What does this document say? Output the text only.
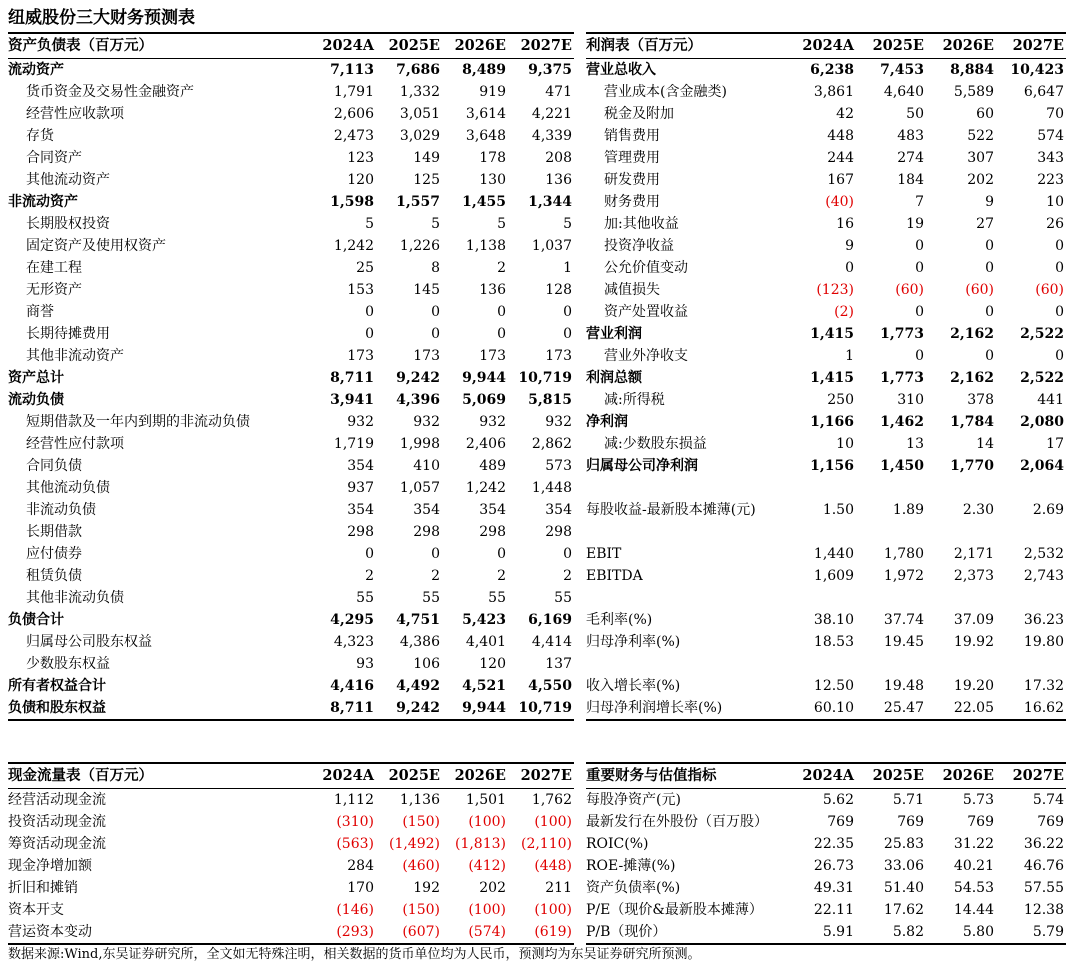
纽威股份三大财务预测表
资产负债表（百万元）	2024A	2025E	2026E	2027E
流动资产	7,113	7,686	8,489	9,375
货币资金及交易性金融资产	1,791	1,332	919	471
经营性应收款项	2,606	3,051	3,614	4,221
存货	2,473	3,029	3,648	4,339
合同资产	123	149	178	208
其他流动资产	120	125	130	136
非流动资产	1,598	1,557	1,455	1,344
长期股权投资	5	5	5	5
固定资产及使用权资产	1,242	1,226	1,138	1,037
在建工程	25	8	2	1
无形资产	153	145	136	128
商誉	0	0	0	0
长期待摊费用	0	0	0	0
其他非流动资产	173	173	173	173
资产总计	8,711	9,242	9,944	10,719
流动负债	3,941	4,396	5,069	5,815
短期借款及一年内到期的非流动负债	932	932	932	932
经营性应付款项	1,719	1,998	2,406	2,862
合同负债	354	410	489	573
其他流动负债	937	1,057	1,242	1,448
非流动负债	354	354	354	354
长期借款	298	298	298	298
应付债券	0	0	0	0
租赁负债	2	2	2	2
其他非流动负债	55	55	55	55
负债合计	4,295	4,751	5,423	6,169
归属母公司股东权益	4,323	4,386	4,401	4,414
少数股东权益	93	106	120	137
所有者权益合计	4,416	4,492	4,521	4,550
负债和股东权益	8,711	9,242	9,944	10,719
利润表（百万元）	2024A	2025E	2026E	2027E
营业总收入	6,238	7,453	8,884	10,423
营业成本(含金融类)	3,861	4,640	5,589	6,647
税金及附加	42	50	60	70
销售费用	448	483	522	574
管理费用	244	274	307	343
研发费用	167	184	202	223
财务费用	(40)	7	9	10
加:其他收益	16	19	27	26
投资净收益	9	0	0	0
公允价值变动	0	0	0	0
减值损失	(123)	(60)	(60)	(60)
资产处置收益	(2)	0	0	0
营业利润	1,415	1,773	2,162	2,522
营业外净收支	1	0	0	0
利润总额	1,415	1,773	2,162	2,522
减:所得税	250	310	378	441
净利润	1,166	1,462	1,784	2,080
减:少数股东损益	10	13	14	17
归属母公司净利润	1,156	1,450	1,770	2,064

每股收益-最新股本摊薄(元)	1.50	1.89	2.30	2.69

EBIT	1,440	1,780	2,171	2,532
EBITDA	1,609	1,972	2,373	2,743

毛利率(%)	38.10	37.74	37.09	36.23
归母净利率(%)	18.53	19.45	19.92	19.80

收入增长率(%)	12.50	19.48	19.20	17.32
归母净利润增长率(%)	60.10	25.47	22.05	16.62
现金流量表（百万元）	2024A	2025E	2026E	2027E
经营活动现金流	1,112	1,136	1,501	1,762
投资活动现金流	(310)	(150)	(100)	(100)
筹资活动现金流	(563)	(1,492)	(1,813)	(2,110)
现金净增加额	284	(460)	(412)	(448)
折旧和摊销	170	192	202	211
资本开支	(146)	(150)	(100)	(100)
营运资本变动	(293)	(607)	(574)	(619)
重要财务与估值指标	2024A	2025E	2026E	2027E
每股净资产(元)	5.62	5.71	5.73	5.74
最新发行在外股份（百万股）	769	769	769	769
ROIC(%)	22.35	25.83	31.22	36.22
ROE-摊薄(%)	26.73	33.06	40.21	46.76
资产负债率(%)	49.31	51.40	54.53	57.55
P/E（现价&最新股本摊薄）	22.11	17.62	14.44	12.38
P/B（现价）	5.91	5.82	5.80	5.79
数据来源:Wind,东吴证券研究所，全文如无特殊注明，相关数据的货币单位均为人民币，预测均为东吴证券研究所预测。
